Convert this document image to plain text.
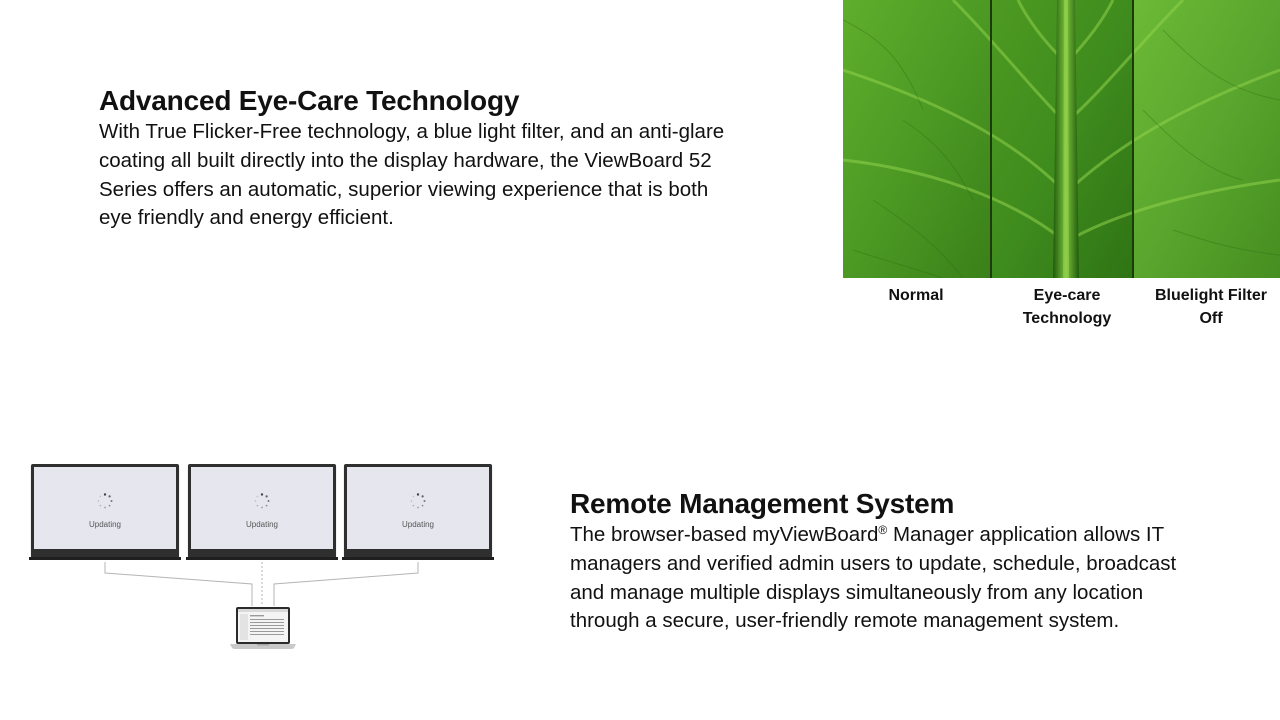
Advanced Eye-Care Technology

With True Flicker-Free technology, a blue light filter, and an anti-glare coating all built directly into the display hardware, the ViewBoard 52 Series offers an automatic, superior viewing experience that is both eye friendly and energy efficient.

Normal	Eye-care
Technology
Bluelight Filter
Off
Updating	Updating	Updating
Remote Management System

The browser-based myViewBoard® Manager application allows IT managers and verified admin users to update, schedule, broadcast and manage multiple displays simultaneously from any location through a secure, user-friendly remote management system.
